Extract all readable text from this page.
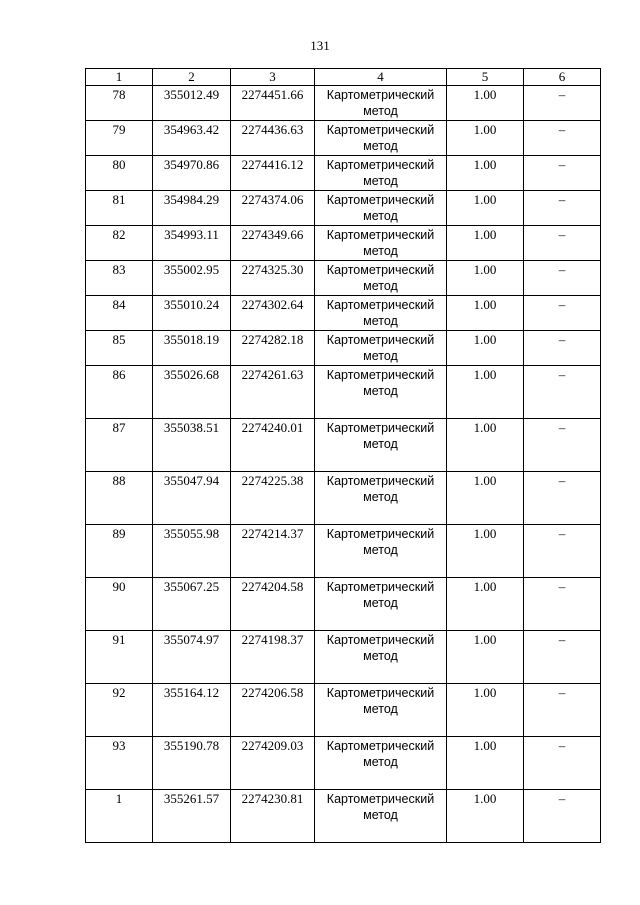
131
1	2	3	4	5	6
78	355012.49	2274451.66	Картометрический метод	1.00	–
79	354963.42	2274436.63	Картометрический метод	1.00	–
80	354970.86	2274416.12	Картометрический метод	1.00	–
81	354984.29	2274374.06	Картометрический метод	1.00	–
82	354993.11	2274349.66	Картометрический метод	1.00	–
83	355002.95	2274325.30	Картометрический метод	1.00	–
84	355010.24	2274302.64	Картометрический метод	1.00	–
85	355018.19	2274282.18	Картометрический метод	1.00	–
86	355026.68	2274261.63	Картометрический метод	1.00	–
87	355038.51	2274240.01	Картометрический метод	1.00	–
88	355047.94	2274225.38	Картометрический метод	1.00	–
89	355055.98	2274214.37	Картометрический метод	1.00	–
90	355067.25	2274204.58	Картометрический метод	1.00	–
91	355074.97	2274198.37	Картометрический метод	1.00	–
92	355164.12	2274206.58	Картометрический метод	1.00	–
93	355190.78	2274209.03	Картометрический метод	1.00	–
1	355261.57	2274230.81	Картометрический метод	1.00	–
